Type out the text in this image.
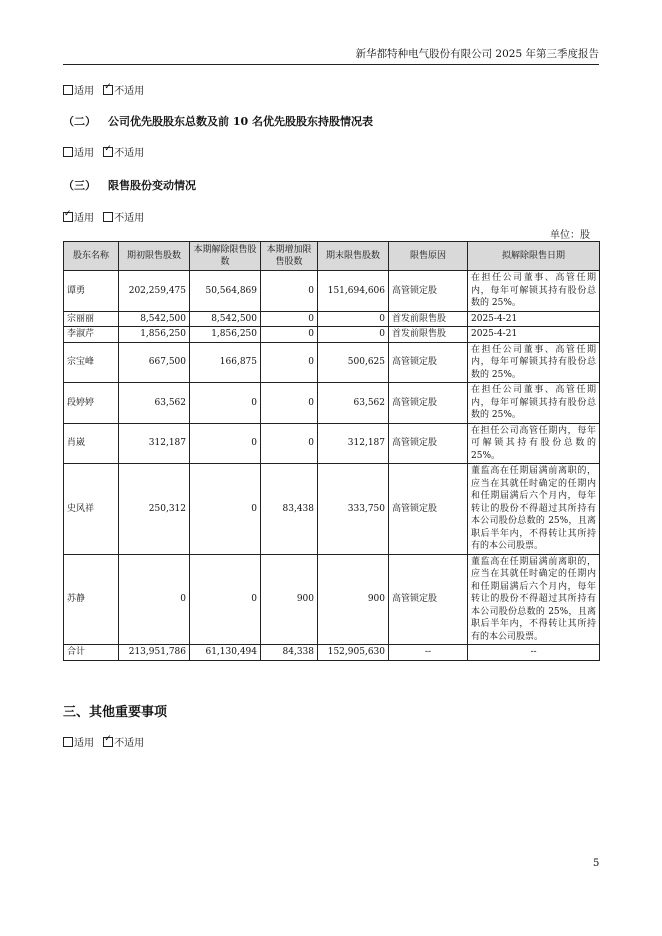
新华都特种电气股份有限公司 2025 年第三季度报告
适用 ✓ 不适用
（二） 公司优先股股东总数及前 10 名优先股股东持股情况表
适用 ✓ 不适用
（三） 限售股份变动情况
✓适用 不适用
单位：股
股东名称	期初限售股数	本期解除限售股数	本期增加限售股数	期末限售股数	限售原因	拟解除限售日期
谭勇	202,259,475	50,564,869	0	151,694,606	高管锁定股	在担任公司董事、高管任期内，每年可解锁其持有股份总数的 25%。
宗丽丽	8,542,500	8,542,500	0	0	首发前限售股	2025-4-21
李淑芹	1,856,250	1,856,250	0	0	首发前限售股	2025-4-21
宗宝峰	667,500	166,875	0	500,625	高管锁定股	在担任公司董事、高管任期内，每年可解锁其持有股份总数的 25%。
段婷婷	63,562	0	0	63,562	高管锁定股	在担任公司董事、高管任期内，每年可解锁其持有股份总数的 25%。
肖崴	312,187	0	0	312,187	高管锁定股	在担任公司高管任期内，每年可解锁其持有股份总数的 25%。
史风祥	250,312	0	83,438	333,750	高管锁定股	董监高在任期届满前离职的，应当在其就任时确定的任期内和任期届满后六个月内，每年转让的股份不得超过其所持有本公司股份总数的 25%，且离职后半年内，不得转让其所持有的本公司股票。
苏静	0	0	900	900	高管锁定股	董监高在任期届满前离职的，应当在其就任时确定的任期内和任期届满后六个月内，每年转让的股份不得超过其所持有本公司股份总数的 25%，且离职后半年内，不得转让其所持有的本公司股票。
合计	213,951,786	61,130,494	84,338	152,905,630	--	--
三、其他重要事项
适用 ✓ 不适用
5
